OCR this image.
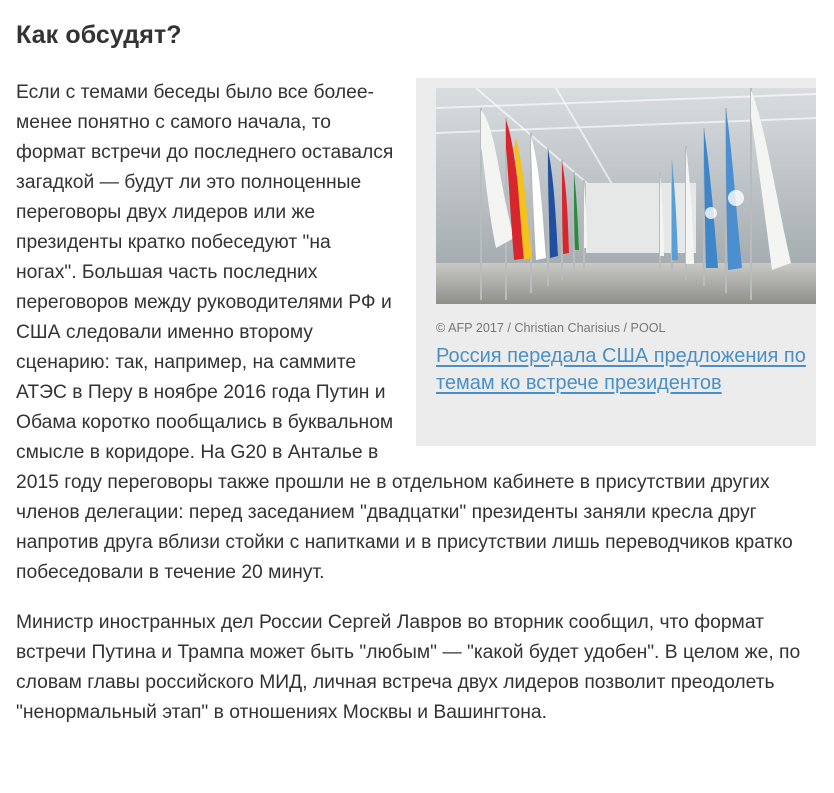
Как обсудят?
© AFP 2017 / Christian Charisius / POOL
Россия передала США предложения по темам ко встрече президентов

Если с темами беседы было все более-менее понятно с самого начала, то формат встречи до последнего оставался загадкой — будут ли это полноценные переговоры двух лидеров или же президенты кратко побеседуют "на ногах". Большая часть последних переговоров между руководителями РФ и США следовали именно второму сценарию: так, например, на саммите АТЭС в Перу в ноябре 2016 года Путин и Обама коротко пообщались в буквальном смысле в коридоре. На G20 в Анталье в 2015 году переговоры также прошли не в отдельном кабинете в присутствии других членов делегации: перед заседанием "двадцатки" президенты заняли кресла друг напротив друга вблизи стойки с напитками и в присутствии лишь переводчиков кратко побеседовали в течение 20 минут.

Министр иностранных дел России Сергей Лавров во вторник сообщил, что формат встречи Путина и Трампа может быть "любым" — "какой будет удобен". В целом же, по словам главы российского МИД, личная встреча двух лидеров позволит преодолеть "ненормальный этап" в отношениях Москвы и Вашингтона.
